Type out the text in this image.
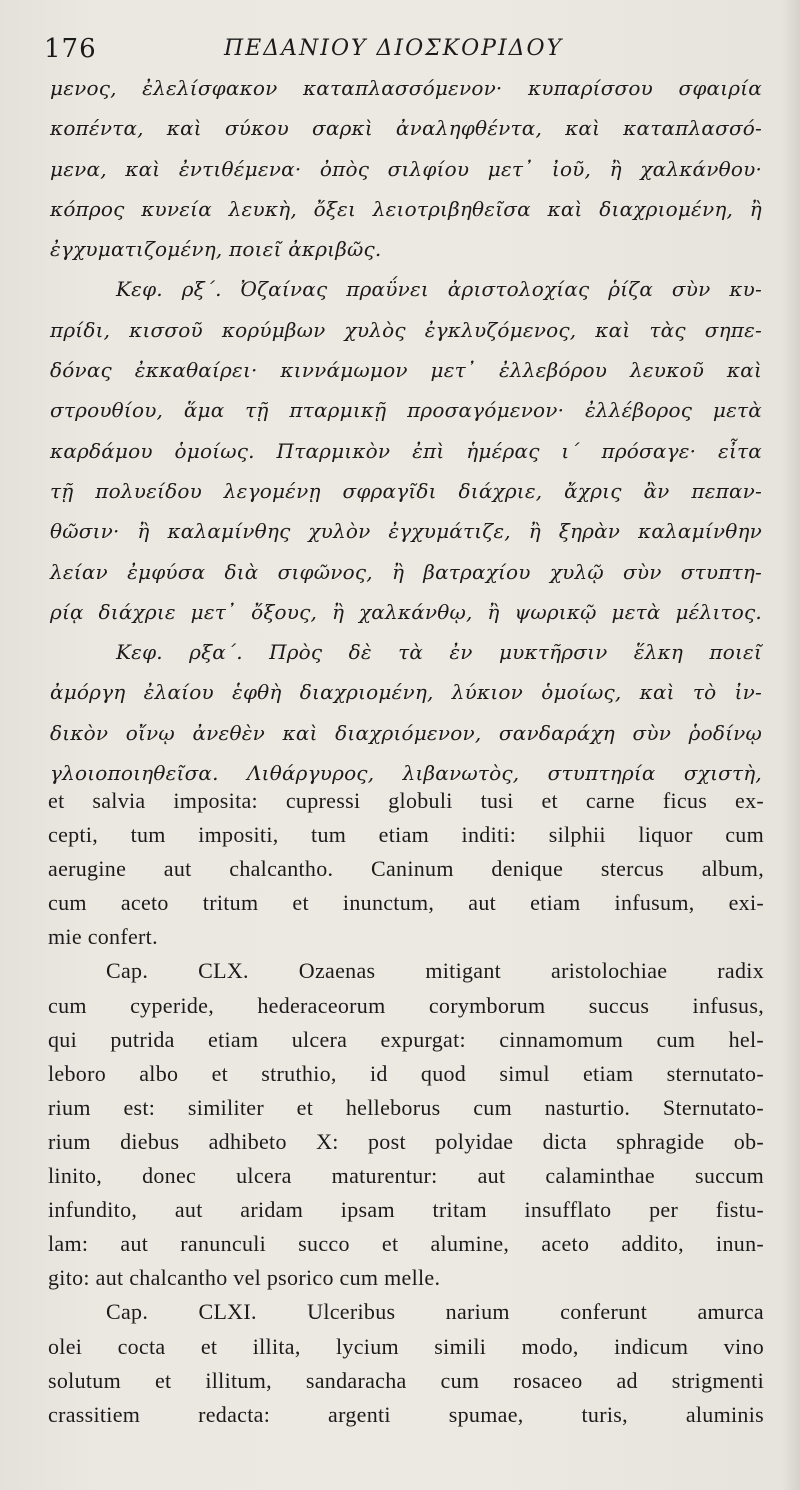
176	ΠΕΔΑΝΙΟΥ ΔΙΟΣΚΟΡΙΔΟΥ
μενος, ἐλελίσφακον καταπλασσόμενον· κυπαρίσσου σφαιρία
κοπέντα, καὶ σύκου σαρκὶ ἀναληφθέντα, καὶ καταπλασσό-
μενα, καὶ ἐντιθέμενα· ὀπὸς σιλφίου μετ᾽ ἰοῦ, ἢ χαλκάνθου·
κόπρος κυνεία λευκὴ, ὄξει λειοτριβηθεῖσα καὶ διαχριομένη, ἢ
ἐγχυματιζομένη, ποιεῖ ἀκριβῶς.
Κεφ. ρξ΄. Ὀζαίνας πραΰνει ἀριστολοχίας ῥίζα σὺν κυ-
πρίδι, κισσοῦ κορύμβων χυλὸς ἐγκλυζόμενος, καὶ τὰς σηπε-
δόνας ἐκκαθαίρει· κιννάμωμον μετ᾽ ἐλλεβόρου λευκοῦ καὶ
στρουθίου, ἅμα τῇ πταρμικῇ προσαγόμενον· ἐλλέβορος μετὰ
καρδάμου ὁμοίως. Πταρμικὸν ἐπὶ ἡμέρας ι΄ πρόσαγε· εἶτα
τῇ πολυείδου λεγομένῃ σφραγῖδι διάχριε, ἄχρις ἂν πεπαν-
θῶσιν· ἢ καλαμίνθης χυλὸν ἐγχυμάτιζε, ἢ ξηρὰν καλαμίνθην
λείαν ἐμφύσα διὰ σιφῶνος, ἢ βατραχίου χυλῷ σὺν στυπτη-
ρίᾳ διάχριε μετ᾽ ὄξους, ἢ χαλκάνθῳ, ἢ ψωρικῷ μετὰ μέλιτος.
Κεφ. ρξα΄. Πρὸς δὲ τὰ ἐν μυκτῆρσιν ἕλκη ποιεῖ
ἀμόργη ἐλαίου ἑφθὴ διαχριομένη, λύκιον ὁμοίως, καὶ τὸ ἰν-
δικὸν οἴνῳ ἀνεθὲν καὶ διαχριόμενον, σανδαράχη σὺν ῥοδίνῳ
γλοιοποιηθεῖσα. Λιθάργυρος, λιβανωτὸς, στυπτηρία σχιστὴ,
et salvia imposita: cupressi globuli tusi et carne ficus ex-
cepti, tum impositi, tum etiam inditi: silphii liquor cum
aerugine aut chalcantho. Caninum denique stercus album,
cum aceto tritum et inunctum, aut etiam infusum, exi-
mie confert.
Cap. CLX. Ozaenas mitigant aristolochiae radix
cum cyperide, hederaceorum corymborum succus infusus,
qui putrida etiam ulcera expurgat: cinnamomum cum hel-
leboro albo et struthio, id quod simul etiam sternutato-
rium est: similiter et helleborus cum nasturtio. Sternutato-
rium diebus adhibeto X: post polyidae dicta sphragide ob-
linito, donec ulcera maturentur: aut calaminthae succum
infundito, aut aridam ipsam tritam insufflato per fistu-
lam: aut ranunculi succo et alumine, aceto addito, inun-
gito: aut chalcantho vel psorico cum melle.
Cap. CLXI. Ulceribus narium conferunt amurca
olei cocta et illita, lycium simili modo, indicum vino
solutum et illitum, sandaracha cum rosaceo ad strigmenti
crassitiem redacta: argenti spumae, turis, aluminis
